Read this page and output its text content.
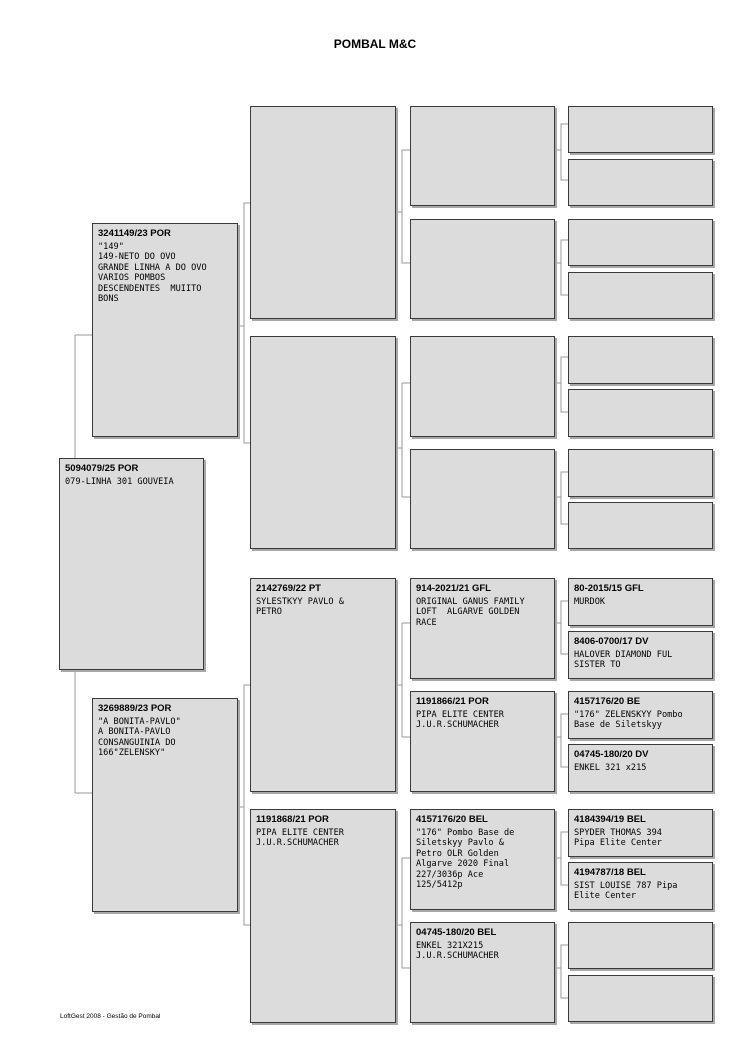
POMBAL M&C
5094079/25 POR
079-LINHA 301 GOUVEIA
3241149/23 POR
"149"
149-NETO DO OVO
GRANDE LINHA A DO OVO
VARIOS POMBOS
DESCENDENTES  MUIITO
BONS
3269889/23 POR
"A BONITA-PAVLO"
A BONITA-PAVLO
CONSANGUINIA DO
166"ZELENSKY"
2142769/22 PT
SYLESTKYY PAVLO &
PETRO
1191868/21 POR
PIPA ELITE CENTER
J.U.R.SCHUMACHER
914-2021/21 GFL
ORIGINAL GANUS FAMILY
LOFT  ALGARVE GOLDEN
RACE
1191866/21 POR
PIPA ELITE CENTER
J.U.R.SCHUMACHER
4157176/20 BEL
"176" Pombo Base de
Siletskyy Pavlo &
Petro OLR Golden
Algarve 2020 Final
227/3036p Ace
125/5412p
04745-180/20 BEL
ENKEL 321X215
J.U.R.SCHUMACHER
80-2015/15 GFL
MURDOK
8406-0700/17 DV
HALOVER DIAMOND FUL
SISTER TO
4157176/20 BE
"176" ZELENSKYY Pombo
Base de Siletskyy
04745-180/20 DV
ENKEL 321 x215
4184394/19 BEL
SPYDER THOMAS 394
Pipa Elite Center
4194787/18 BEL
SIST LOUISE 787 Pipa
Elite Center
LoftGest 2008 - Gestão de Pombal
